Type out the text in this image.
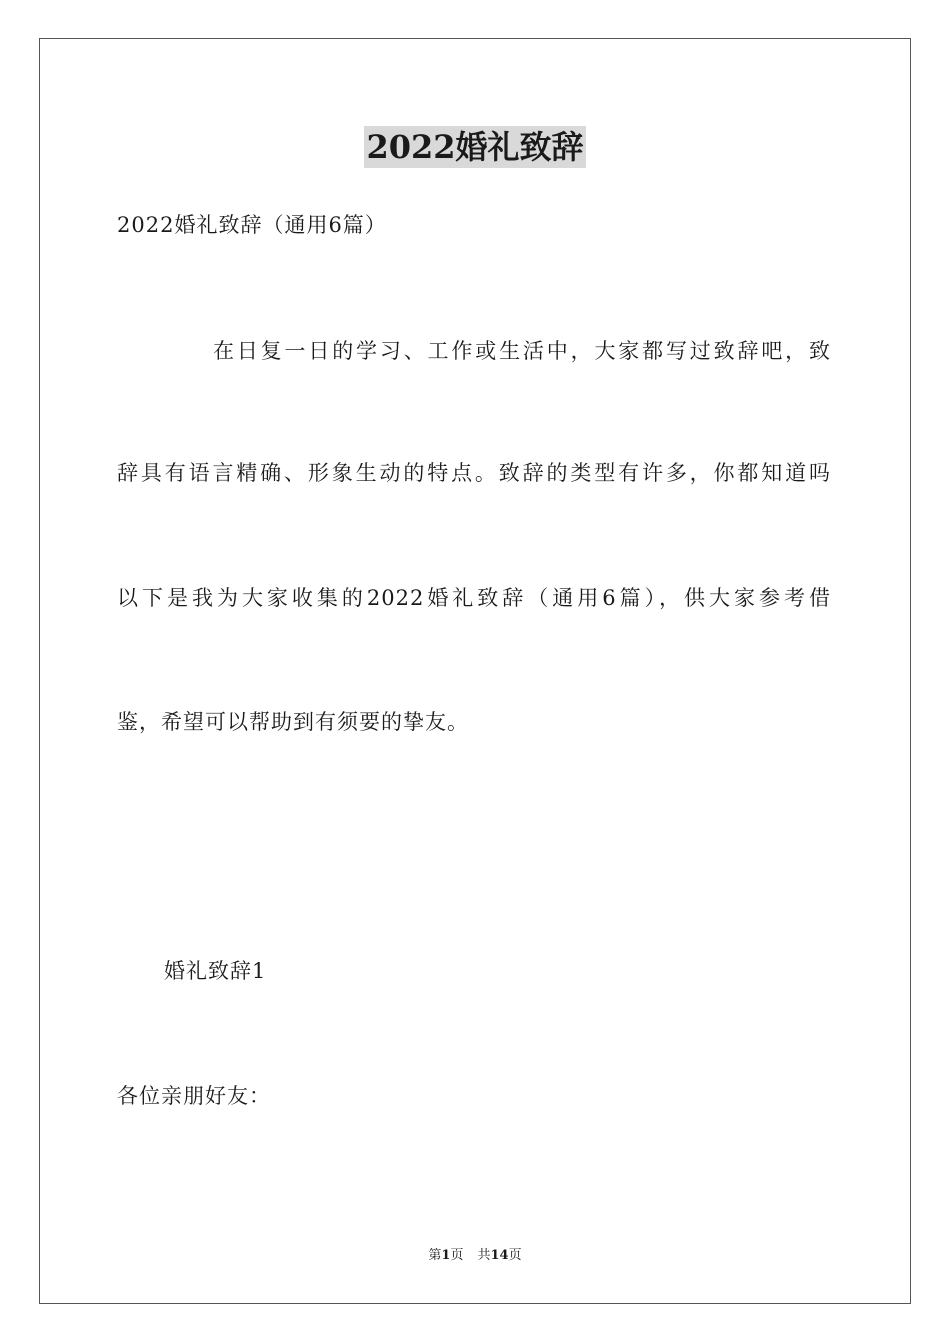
2022婚礼致辞
2022婚礼致辞（通用6篇）
在日复一日的学习、工作或生活中，大家都写过致辞吧，致
辞具有语言精确、形象生动的特点。致辞的类型有许多，你都知道吗
以下是我为大家收集的2022婚礼致辞（通用6篇），供大家参考借
鉴，希望可以帮助到有须要的挚友。
婚礼致辞1
各位亲朋好友：
第1页 共14页
